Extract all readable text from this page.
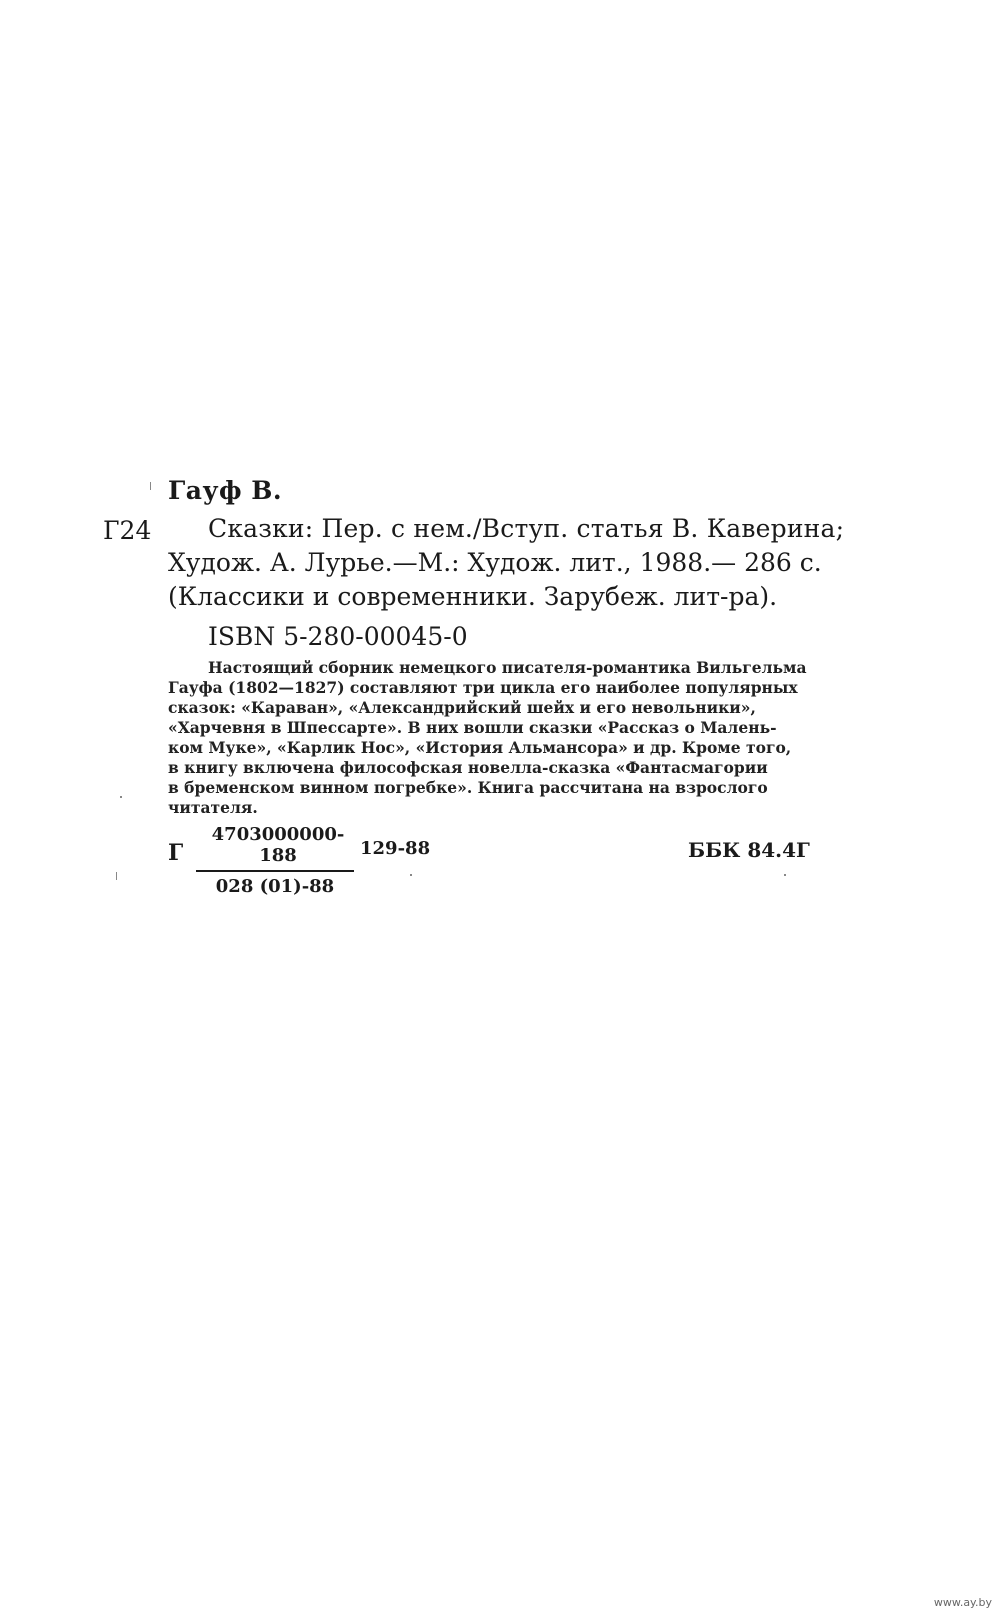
Гауф В.
Г24 Сказки: Пер. с нем./Вступ. статья В. Каверина;
Худож. А. Лурье.—М.: Худож. лит., 1988.— 286 с.
(Классики и современники. Зарубеж. лит-ра).
ISBN 5-280-00045-0
Настоящий сборник немецкого писателя-романтика Вильгельма
Гауфа (1802—1827) составляют три цикла его наиболее популярных
сказок: «Караван», «Александрийский шейх и его невольники»,
«Харчевня в Шпессарте». В них вошли сказки «Рассказ о Малень-
ком Муке», «Карлик Нос», «История Альмансора» и др. Кроме того,
в книгу включена философская новелла-сказка «Фантасмагории
в бременском винном погребке». Книга рассчитана на взрослого
читателя.
Г
4703000000-188
028 (01)-88
129-88	ББК 84.4Г
www.ay.by
